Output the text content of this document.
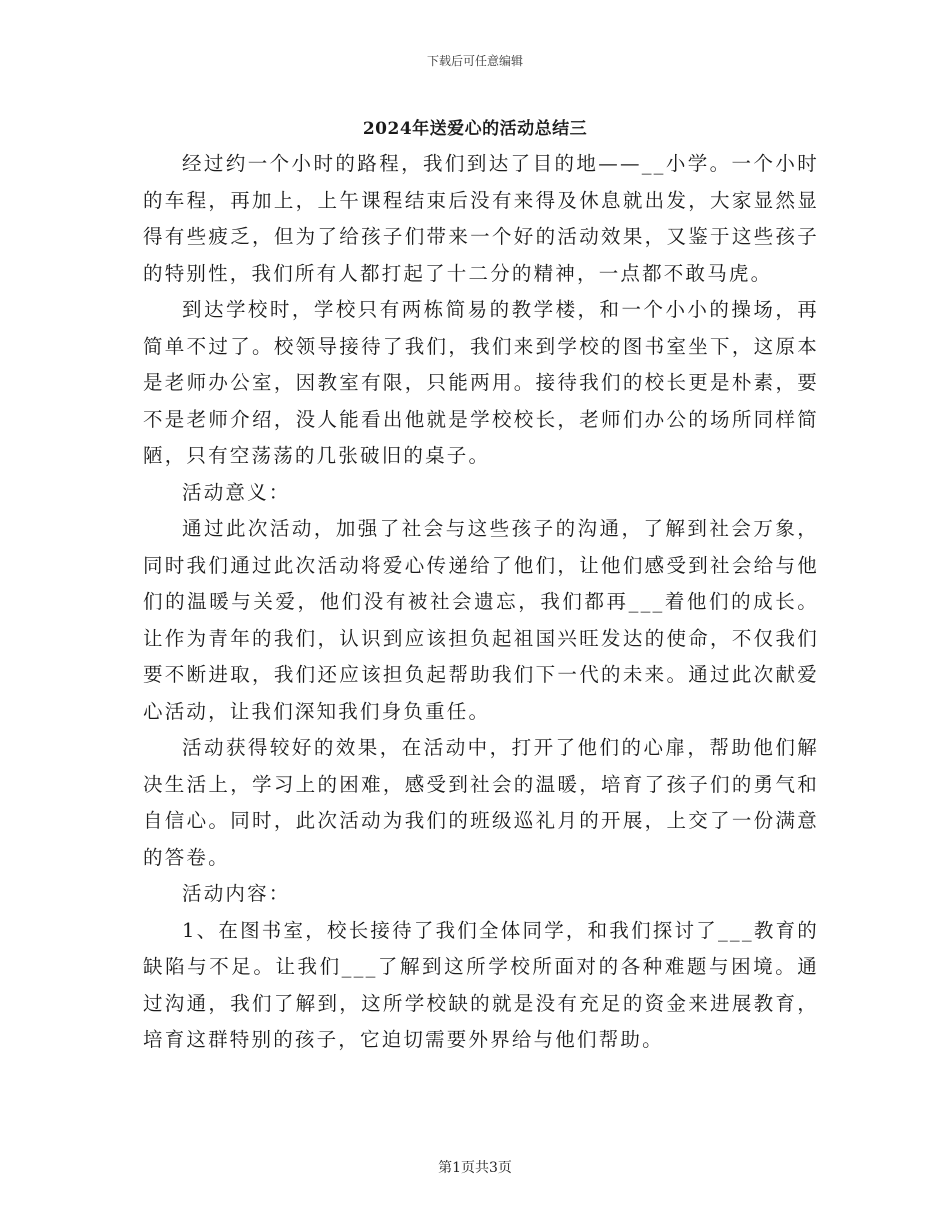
下载后可任意编辑
2024年送爱心的活动总结三

经过约一个小时的路程，我们到达了目的地——__小学。一个小时的车程，再加上，上午课程结束后没有来得及休息就出发，大家显然显得有些疲乏，但为了给孩子们带来一个好的活动效果，又鉴于这些孩子的特别性，我们所有人都打起了十二分的精神，一点都不敢马虎。

到达学校时，学校只有两栋简易的教学楼，和一个小小的操场，再简单不过了。校领导接待了我们，我们来到学校的图书室坐下，这原本是老师办公室，因教室有限，只能两用。接待我们的校长更是朴素，要不是老师介绍，没人能看出他就是学校校长，老师们办公的场所同样简陋，只有空荡荡的几张破旧的桌子。

活动意义：

通过此次活动，加强了社会与这些孩子的沟通，了解到社会万象，同时我们通过此次活动将爱心传递给了他们，让他们感受到社会给与他们的温暖与关爱，他们没有被社会遗忘，我们都再___着他们的成长。让作为青年的我们，认识到应该担负起祖国兴旺发达的使命，不仅我们要不断进取，我们还应该担负起帮助我们下一代的未来。通过此次献爱心活动，让我们深知我们身负重任。

活动获得较好的效果，在活动中，打开了他们的心扉，帮助他们解决生活上，学习上的困难，感受到社会的温暖，培育了孩子们的勇气和自信心。同时，此次活动为我们的班级巡礼月的开展，上交了一份满意的答卷。

活动内容：

1、在图书室，校长接待了我们全体同学，和我们探讨了___教育的缺陷与不足。让我们___了解到这所学校所面对的各种难题与困境。通过沟通，我们了解到，这所学校缺的就是没有充足的资金来进展教育，培育这群特别的孩子，它迫切需要外界给与他们帮助。

第1页共3页
